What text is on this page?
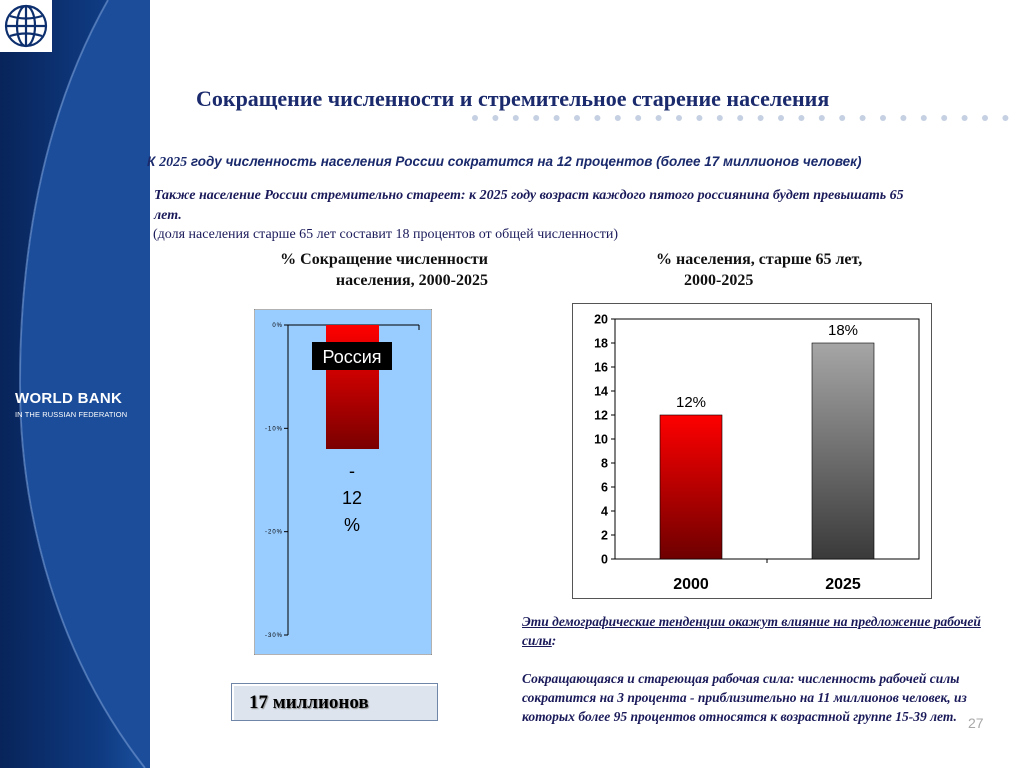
WORLD BANK
IN THE RUSSIAN FEDERATION
Сокращение численности и стремительное старение населения
К 2025 году численность населения России сократится на 12 процентов (более 17 миллионов человек)
Также население России стремительно стареет: к 2025 году возраст каждого пятого россиянина будет превышать 65 лет.
(доля населения старше 65 лет составит 18 процентов от общей численности)
% Сокращение численности
населения, 2000-2025
% населения, старше 65 лет,
2000-2025
0%
-10%
-20%
-30%
Россия
-
12
%
0
2
4
6
8
10
12
14
16
18
20
12%
2000
18%
2025
17 миллионов
Эти демографические тенденции окажут влияние на предложение рабочей силы:
Сокращающаяся и стареющая рабочая сила: численность рабочей силы сократится на 3 процента - приблизительно на 11 миллионов человек, из которых более 95 процентов относятся к возрастной группе 15-39 лет. 27
